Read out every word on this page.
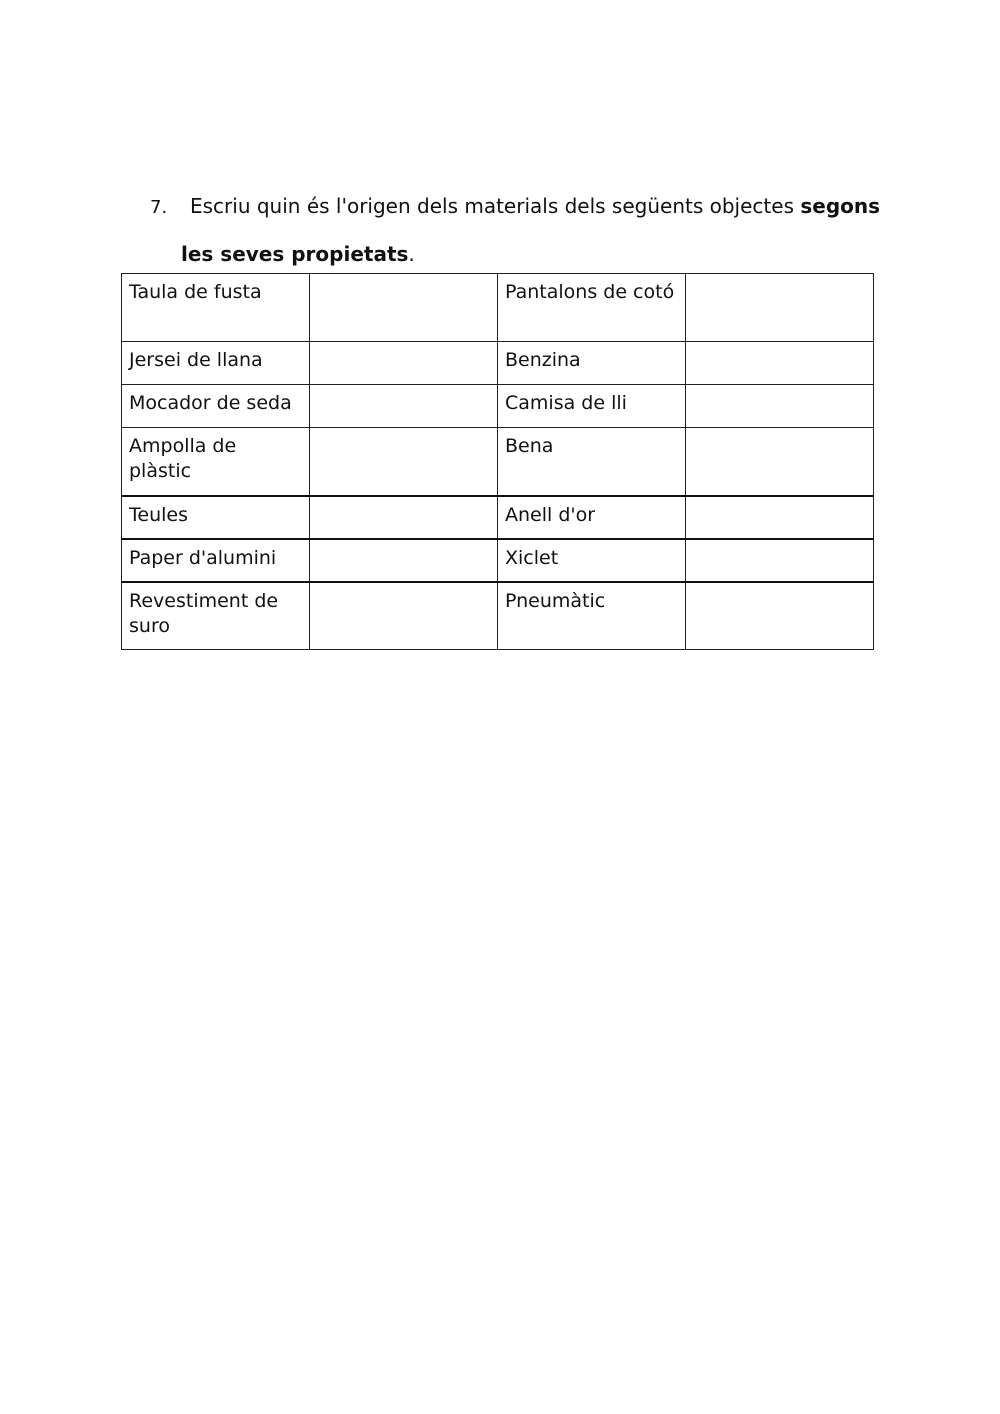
7. Escriu quin és l'origen dels materials dels següents objectes segons
les seves propietats.
Taula de fusta		Pantalons de cotó	
Jersei de llana		Benzina	
Mocador de seda		Camisa de lli	
Ampolla de plàstic		Bena	
Teules		Anell d'or	
Paper d'alumini		Xiclet	
Revestiment de suro		Pneumàtic	
